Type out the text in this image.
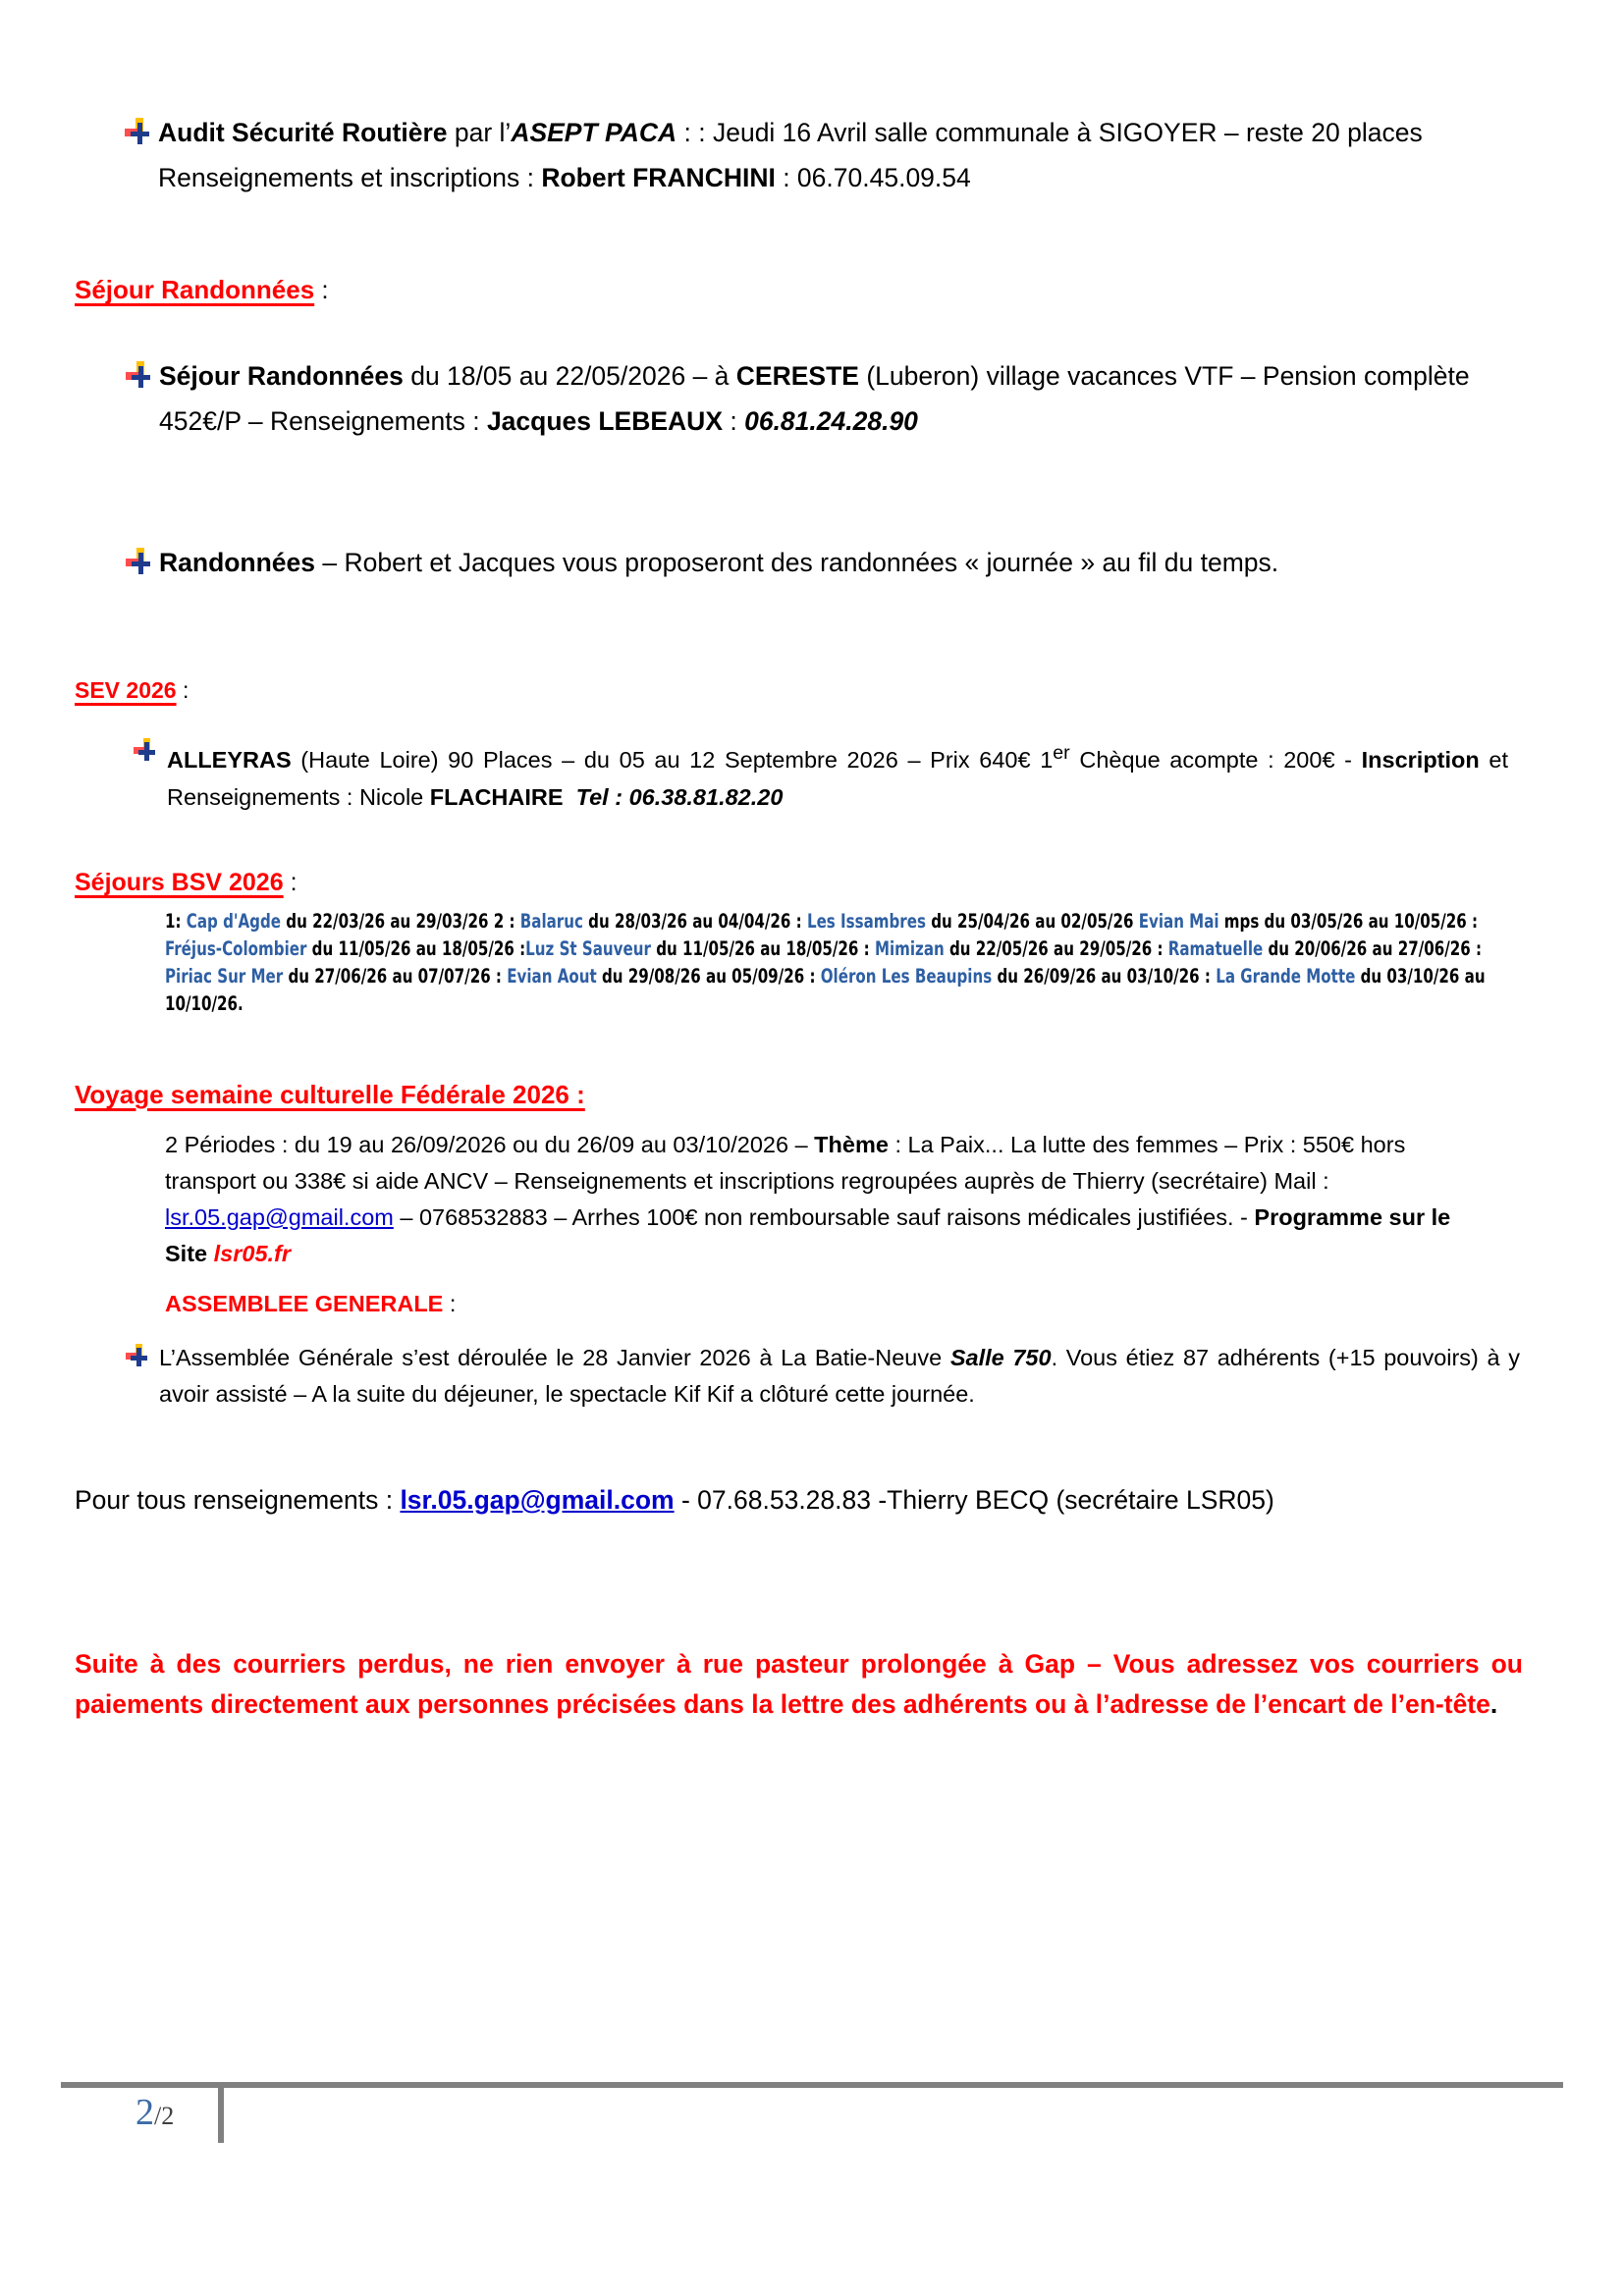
Audit Sécurité Routière par l’ASEPT PACA : : Jeudi 16 Avril salle communale à SIGOYER – reste 20 places Renseignements et inscriptions : Robert FRANCHINI : 06.70.45.09.54
Séjour Randonnées :
Séjour Randonnées du 18/05 au 22/05/2026 – à CERESTE (Luberon) village vacances VTF – Pension complète 452€/P – Renseignements : Jacques LEBEAUX : 06.81.24.28.90
Randonnées – Robert et Jacques vous proposeront des randonnées « journée » au fil du temps.
SEV 2026 :
ALLEYRAS (Haute Loire) 90 Places – du 05 au 12 Septembre 2026 – Prix 640€ 1er Chèque acompte : 200€ - Inscription et Renseignements : Nicole FLACHAIRE Tel : 06.38.81.82.20
Séjours BSV 2026 :
1: Cap d'Agde du 22/03/26 au 29/03/26 2 : Balaruc du 28/03/26 au 04/04/26 : Les Issambres du 25/04/26 au 02/05/26 Evian Mai mps du 03/05/26 au 10/05/26 : Fréjus-Colombier du 11/05/26 au 18/05/26 :Luz St Sauveur du 11/05/26 au 18/05/26 : Mimizan du 22/05/26 au 29/05/26 : Ramatuelle du 20/06/26 au 27/06/26 : Piriac Sur Mer du 27/06/26 au 07/07/26 : Evian Aout du 29/08/26 au 05/09/26 : Oléron Les Beaupins du 26/09/26 au 03/10/26 : La Grande Motte du 03/10/26 au 10/10/26.
Voyage semaine culturelle Fédérale 2026 :
2 Périodes : du 19 au 26/09/2026 ou du 26/09 au 03/10/2026 – Thème : La Paix... La lutte des femmes – Prix : 550€ hors transport ou 338€ si aide ANCV – Renseignements et inscriptions regroupées auprès de Thierry (secrétaire) Mail : lsr.05.gap@gmail.com – 0768532883 – Arrhes 100€ non remboursable sauf raisons médicales justifiées. - Programme sur le Site lsr05.fr
ASSEMBLEE GENERALE :
L’Assemblée Générale s’est déroulée le 28 Janvier 2026 à La Batie-Neuve Salle 750. Vous étiez 87 adhérents (+15 pouvoirs) à y avoir assisté – A la suite du déjeuner, le spectacle Kif Kif a clôturé cette journée.
Pour tous renseignements : lsr.05.gap@gmail.com - 07.68.53.28.83 -Thierry BECQ (secrétaire LSR05)
Suite à des courriers perdus, ne rien envoyer à rue pasteur prolongée à Gap – Vous adressez vos courriers ou paiements directement aux personnes précisées dans la lettre des adhérents ou à l’adresse de l’encart de l’en-tête.
2 /2
